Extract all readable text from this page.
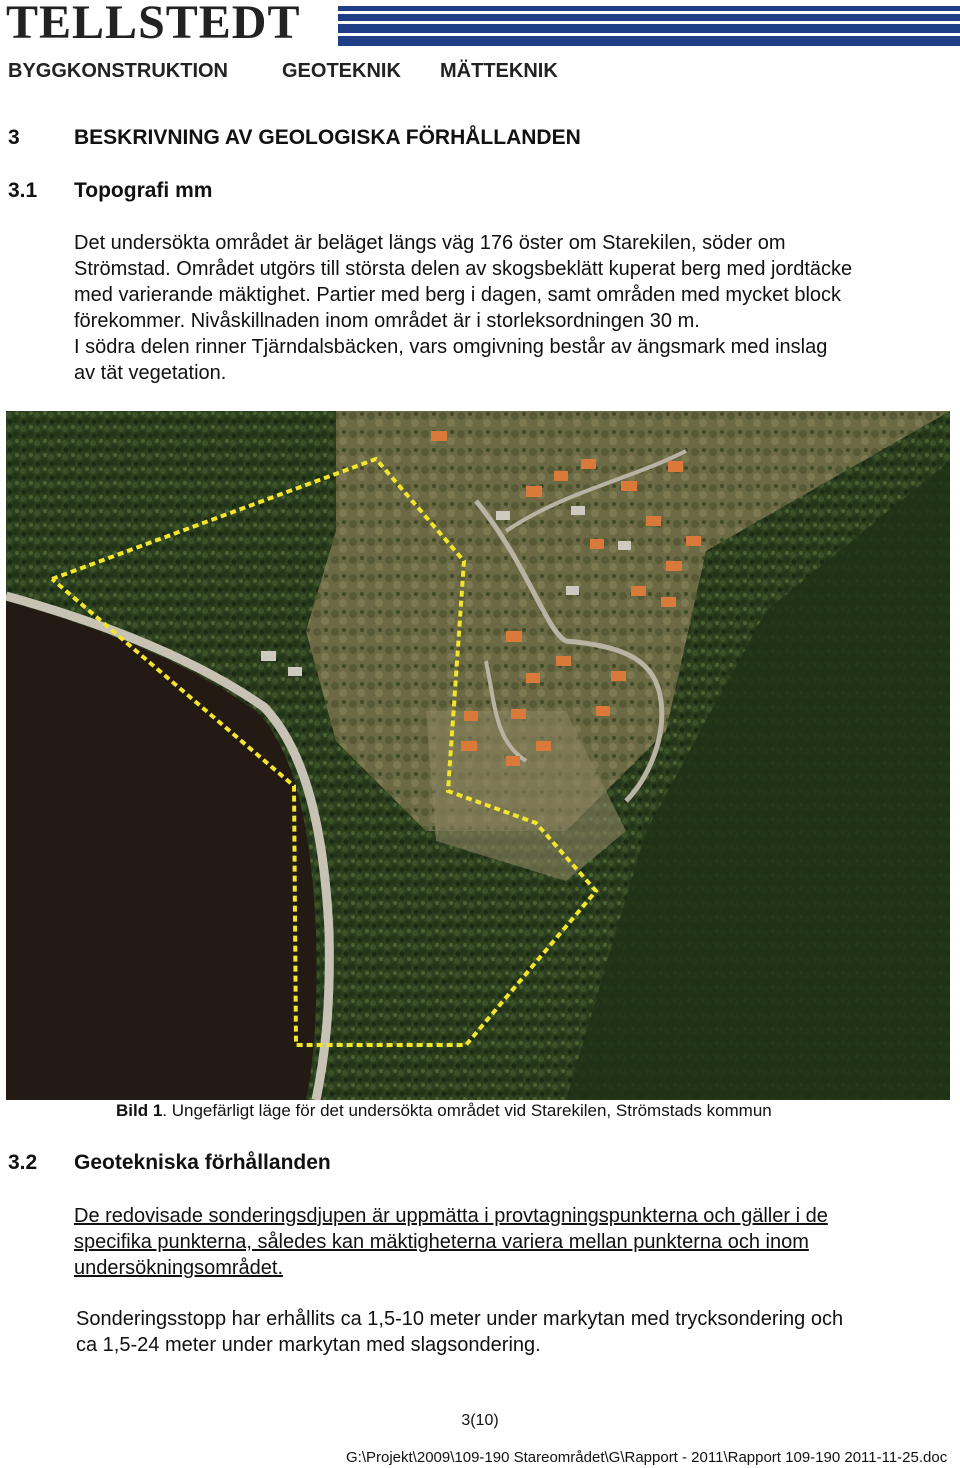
TELLSTEDT
BYGGKONSTRUKTION	GEOTEKNIK MÄTTEKNIK
3	BESKRIVNING AV GEOLOGISKA FÖRHÅLLANDEN
3.1 Topografi mm

Det undersökta området är beläget längs väg 176 öster om Starekilen, söder om

Strömstad. Området utgörs till största delen av skogsbeklätt kuperat berg med jordtäcke

med varierande mäktighet. Partier med berg i dagen, samt områden med mycket block

förekommer. Nivåskillnaden inom området är i storleksordningen 30 m.

I södra delen rinner Tjärndalsbäcken, vars omgivning består av ängsmark med inslag

av tät vegetation.

Bild 1. Ungefärligt läge för det undersökta området vid Starekilen, Strömstads kommun
3.2 Geotekniska förhållanden

De redovisade sonderingsdjupen är uppmätta i provtagningspunkterna och gäller i de

specifika punkterna, således kan mäktigheterna variera mellan punkterna och inom

undersökningsområdet.

Sonderingsstopp har erhållits ca 1,5-10 meter under markytan med trycksondering och

ca 1,5-24 meter under markytan med slagsondering.

3(10)
G:\Projekt\2009\109-190 Stareområdet\G\Rapport - 2011\Rapport 109-190 2011-11-25.doc
